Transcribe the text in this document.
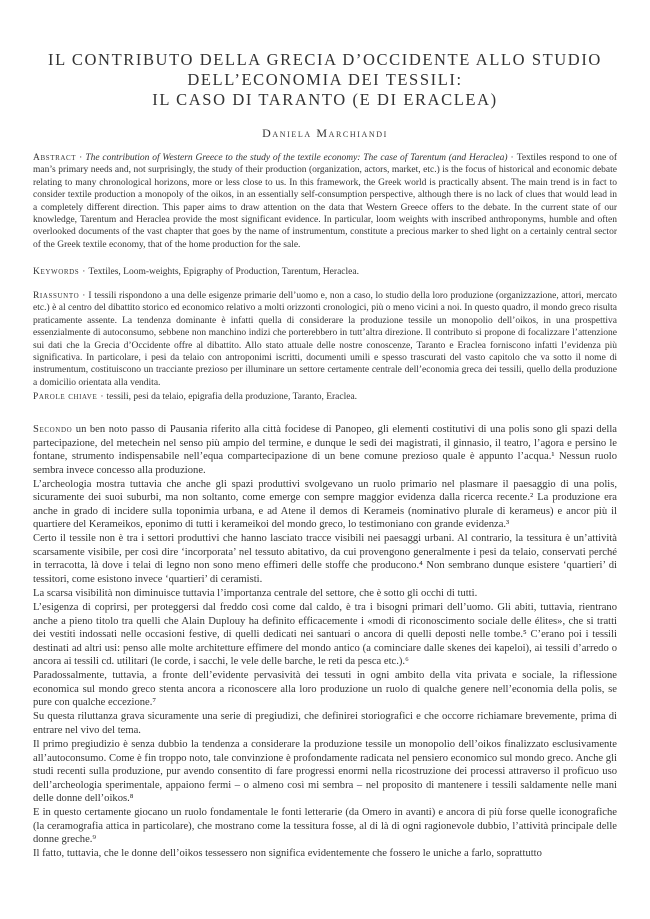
IL CONTRIBUTO DELLA GRECIA D’OCCIDENTE ALLO STUDIO
DELL’ECONOMIA DEI TESSILI:
IL CASO DI TARANTO (E DI ERACLEA)
Daniela Marchiandi
Abstract · The contribution of Western Greece to the study of the textile economy: The case of Tarentum (and Heraclea) · Textiles respond to one of man’s primary needs and, not surprisingly, the study of their production (organization, actors, market, etc.) is the focus of historical and economic debate relating to many chronological horizons, more or less close to us. In this framework, the Greek world is practically absent. The main trend is in fact to consider textile production a monopoly of the oikos, in an essentially self-consumption perspective, although there is no lack of clues that would lead in a completely different direction. This paper aims to draw attention on the data that Western Greece offers to the debate. In the current state of our knowledge, Tarentum and Heraclea provide the most significant evidence. In particular, loom weights with inscribed anthroponyms, humble and often overlooked documents of the vast chapter that goes by the name of instrumentum, constitute a precious marker to shed light on a certainly central sector of the Greek textile economy, that of the home production for the sale.
Keywords · Textiles, Loom-weights, Epigraphy of Production, Tarentum, Heraclea.
Riassunto · I tessili rispondono a una delle esigenze primarie dell’uomo e, non a caso, lo studio della loro produzione (organizzazione, attori, mercato etc.) è al centro del dibattito storico ed economico relativo a molti orizzonti cronologici, più o meno vicini a noi. In questo quadro, il mondo greco risulta praticamente assente. La tendenza dominante è infatti quella di considerare la produzione tessile un monopolio dell’oikos, in una prospettiva essenzialmente di autoconsumo, sebbene non manchino indizi che porterebbero in tutt’altra direzione. Il contributo si propone di focalizzare l’attenzione sui dati che la Grecia d’Occidente offre al dibattito. Allo stato attuale delle nostre conoscenze, Taranto e Eraclea forniscono infatti l’evidenza più significativa. In particolare, i pesi da telaio con antroponimi iscritti, documenti umili e spesso trascurati del vasto capitolo che va sotto il nome di instrumentum, costituiscono un tracciante prezioso per illuminare un settore certamente centrale dell’economia greca dei tessili, quello della produzione a domicilio orientata alla vendita.
Parole chiave · tessili, pesi da telaio, epigrafia della produzione, Taranto, Eraclea.

Secondo un ben noto passo di Pausania riferito alla città focidese di Panopeo, gli elementi costitutivi di una polis sono gli spazi della partecipazione, del metechein nel senso più ampio del termine, e dunque le sedi dei magistrati, il ginnasio, il teatro, l’agora e persino le fontane, strumento indispensabile nell’equa compartecipazione di un bene comune prezioso quale è appunto l’acqua.¹ Nessun ruolo sembra invece concesso alla produzione.

L’archeologia mostra tuttavia che anche gli spazi produttivi svolgevano un ruolo primario nel plasmare il paesaggio di una polis, sicuramente dei suoi suburbi, ma non soltanto, come emerge con sempre maggior evidenza dalla ricerca recente.² La produzione era anche in grado di incidere sulla toponimia urbana, e ad Atene il demos di Kerameis (nominativo plurale di kerameus) e ancor più il quartiere del Kerameikos, eponimo di tutti i kerameikoi del mondo greco, lo testimoniano con grande evidenza.³

Certo il tessile non è tra i settori produttivi che hanno lasciato tracce visibili nei paesaggi urbani. Al contrario, la tessitura è un’attività scarsamente visibile, per così dire ‘incorporata’ nel tessuto abitativo, da cui provengono generalmente i pesi da telaio, conservati perché in terracotta, là dove i telai di legno non sono meno effimeri delle stoffe che producono.⁴ Non sembrano dunque esistere ‘quartieri’ di tessitori, come esistono invece ‘quartieri’ di ceramisti.

La scarsa visibilità non diminuisce tuttavia l’importanza centrale del settore, che è sotto gli occhi di tutti.

L’esigenza di coprirsi, per proteggersi dal freddo così come dal caldo, è tra i bisogni primari dell’uomo. Gli abiti, tuttavia, rientrano anche a pieno titolo tra quelli che Alain Duplouy ha definito efficacemente i «modi di riconoscimento sociale delle élites», che si tratti dei vestiti indossati nelle occasioni festive, di quelli dedicati nei santuari o ancora di quelli deposti nelle tombe.⁵ C’erano poi i tessili destinati ad altri usi: penso alle molte architetture effimere del mondo antico (a cominciare dalle skenes dei kapeloi), ai tessili d’arredo o ancora ai tessili cd. utilitari (le corde, i sacchi, le vele delle barche, le reti da pesca etc.).⁶

Paradossalmente, tuttavia, a fronte dell’evidente pervasività dei tessuti in ogni ambito della vita privata e sociale, la riflessione economica sul mondo greco stenta ancora a riconoscere alla loro produzione un ruolo di qualche genere nell’economia della polis, se pure con qualche eccezione.⁷

Su questa riluttanza grava sicuramente una serie di pregiudizi, che definirei storiografici e che occorre richiamare brevemente, prima di entrare nel vivo del tema.

Il primo pregiudizio è senza dubbio la tendenza a considerare la produzione tessile un monopolio dell’oikos finalizzato esclusivamente all’autoconsumo. Come è fin troppo noto, tale convinzione è profondamente radicata nel pensiero economico sul mondo greco. Anche gli studi recenti sulla produzione, pur avendo consentito di fare progressi enormi nella ricostruzione dei processi attraverso il proficuo uso dell’archeologia sperimentale, appaiono fermi – o almeno così mi sembra – nel proposito di mantenere i tessili saldamente nelle mani delle donne dell’oikos.⁸

E in questo certamente giocano un ruolo fondamentale le fonti letterarie (da Omero in avanti) e ancora di più forse quelle iconografiche (la ceramografia attica in particolare), che mostrano come la tessitura fosse, al di là di ogni ragionevole dubbio, l’attività principale delle donne greche.⁹

Il fatto, tuttavia, che le donne dell’oikos tessessero non significa evidentemente che fossero le uniche a farlo, soprattutto
